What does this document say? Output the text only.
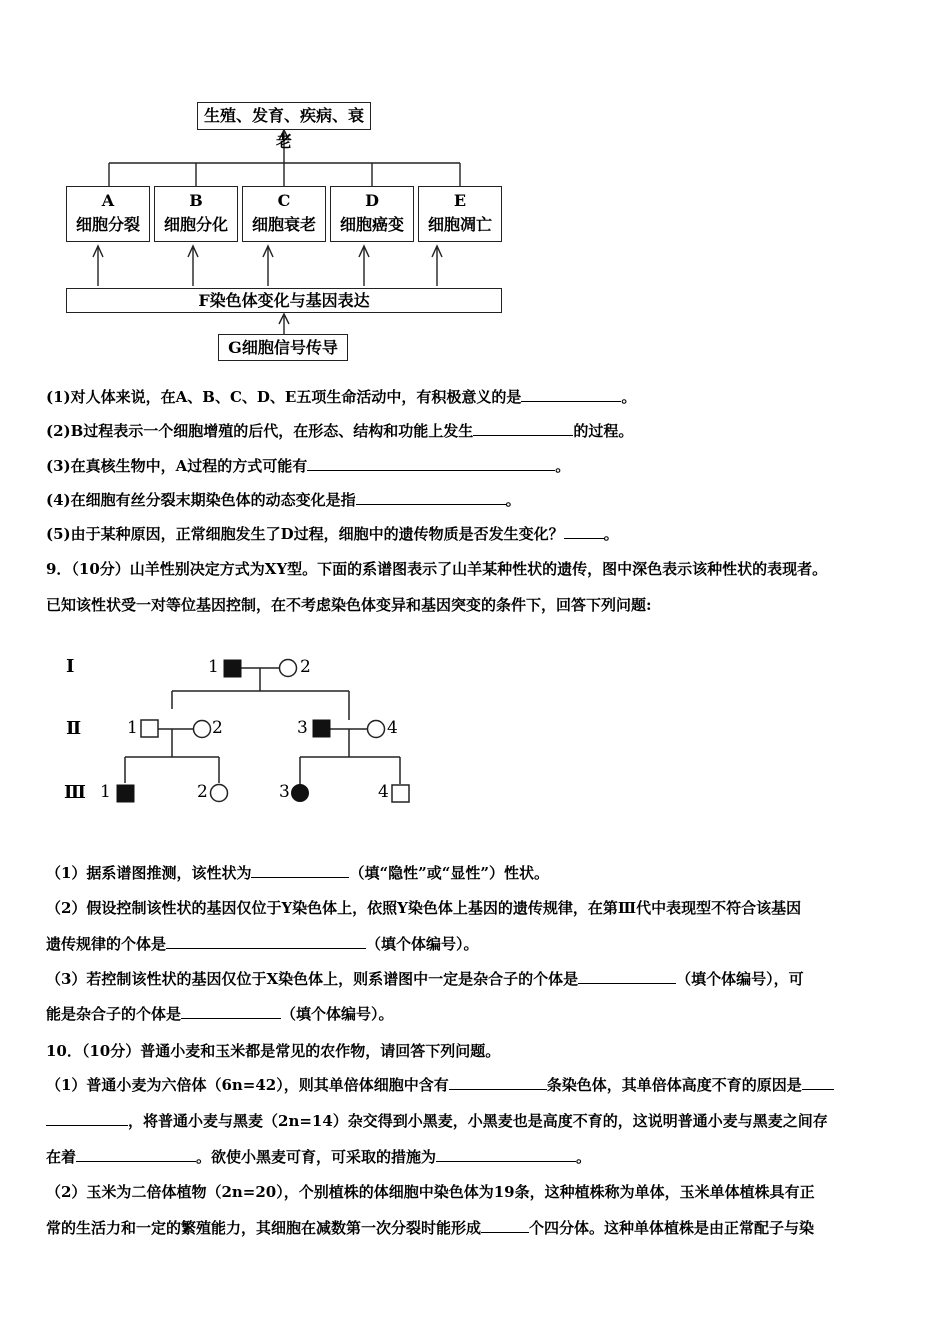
生殖、发育、疾病、衰老
A
细胞分裂
B
细胞分化
C
细胞衰老
D
细胞癌变
E
细胞凋亡
F染色体变化与基因表达
G细胞信号传导
(1)对人体来说，在A、B、C、D、E五项生命活动中，有积极意义的是	。
(2)B过程表示一个细胞增殖的后代，在形态、结构和功能上发生	的过程。
(3)在真核生物中，A过程的方式可能有	。
(4)在细胞有丝分裂末期染色体的动态变化是指	。
(5)由于某种原因，正常细胞发生了D过程，细胞中的遗传物质是否发生变化？	。
9．（10分）山羊性别决定方式为XY型。下面的系谱图表示了山羊某种性状的遗传，图中深色表示该种性状的表现者。
已知该性状受一对等位基因控制，在不考虑染色体变异和基因突变的条件下，回答下列问题:
Ⅰ
Ⅱ
Ⅲ
1	2
1	2	3	4
1	2	3	4
（1）据系谱图推测，该性状为	（填“隐性”或“显性”）性状。
（2）假设控制该性状的基因仅位于Y染色体上，依照Y染色体上基因的遗传规律，在第Ⅲ代中表现型不符合该基因
遗传规律的个体是	（填个体编号）。
（3）若控制该性状的基因仅位于X染色体上，则系谱图中一定是杂合子的个体是	（填个体编号），可
能是杂合子的个体是	（填个体编号）。
10．（10分）普通小麦和玉米都是常见的农作物，请回答下列问题。
（1）普通小麦为六倍体（6n=42），则其单倍体细胞中含有	条染色体，其单倍体高度不育的原因是
，将普通小麦与黑麦（2n=14）杂交得到小黑麦，小黑麦也是高度不育的，这说明普通小麦与黑麦之间存
在着	。欲使小黑麦可育，可采取的措施为	。
（2）玉米为二倍体植物（2n=20），个别植株的体细胞中染色体为19条，这种植株称为单体，玉米单体植株具有正
常的生活力和一定的繁殖能力，其细胞在减数第一次分裂时能形成	个四分体。这种单体植株是由正常配子与染
